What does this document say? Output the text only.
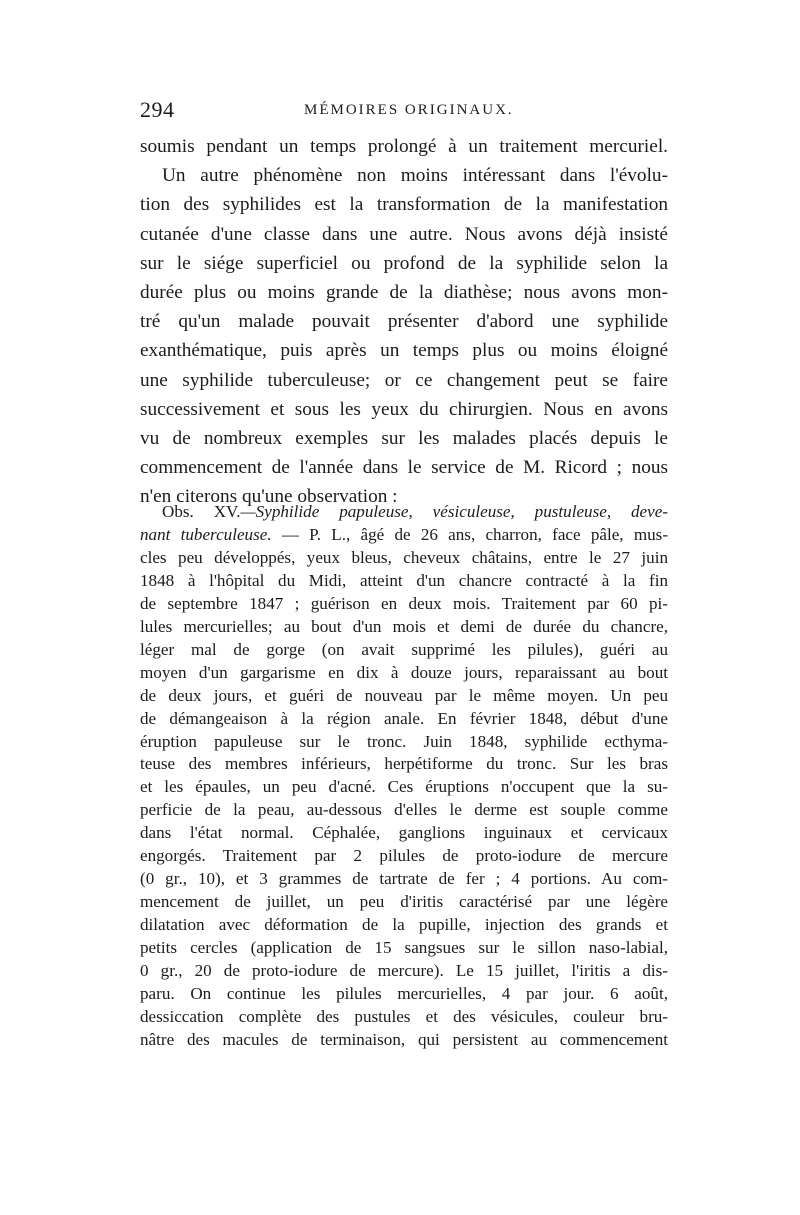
294	MÉMOIRES ORIGINAUX.
soumis pendant un temps prolongé à un traitement mercuriel.
Un autre phénomène non moins intéressant dans l'évolu-
tion des syphilides est la transformation de la manifestation
cutanée d'une classe dans une autre. Nous avons déjà insisté
sur le siége superficiel ou profond de la syphilide selon la
durée plus ou moins grande de la diathèse; nous avons mon-
tré qu'un malade pouvait présenter d'abord une syphilide
exanthématique, puis après un temps plus ou moins éloigné
une syphilide tuberculeuse; or ce changement peut se faire
successivement et sous les yeux du chirurgien. Nous en avons
vu de nombreux exemples sur les malades placés depuis le
commencement de l'année dans le service de M. Ricord ; nous
n'en citerons qu'une observation :
Obs. XV.—Syphilide papuleuse, vésiculeuse, pustuleuse, deve-
nant tuberculeuse. — P. L., âgé de 26 ans, charron, face pâle, mus-
cles peu développés, yeux bleus, cheveux châtains, entre le 27 juin
1848 à l'hôpital du Midi, atteint d'un chancre contracté à la fin
de septembre 1847 ; guérison en deux mois. Traitement par 60 pi-
lules mercurielles; au bout d'un mois et demi de durée du chancre,
léger mal de gorge (on avait supprimé les pilules), guéri au
moyen d'un gargarisme en dix à douze jours, reparaissant au bout
de deux jours, et guéri de nouveau par le même moyen. Un peu
de démangeaison à la région anale. En février 1848, début d'une
éruption papuleuse sur le tronc. Juin 1848, syphilide ecthyma-
teuse des membres inférieurs, herpétiforme du tronc. Sur les bras
et les épaules, un peu d'acné. Ces éruptions n'occupent que la su-
perficie de la peau, au-dessous d'elles le derme est souple comme
dans l'état normal. Céphalée, ganglions inguinaux et cervicaux
engorgés. Traitement par 2 pilules de proto-iodure de mercure
(0 gr., 10), et 3 grammes de tartrate de fer ; 4 portions. Au com-
mencement de juillet, un peu d'iritis caractérisé par une légère
dilatation avec déformation de la pupille, injection des grands et
petits cercles (application de 15 sangsues sur le sillon naso-labial,
0 gr., 20 de proto-iodure de mercure). Le 15 juillet, l'iritis a dis-
paru. On continue les pilules mercurielles, 4 par jour. 6 août,
dessiccation complète des pustules et des vésicules, couleur bru-
nâtre des macules de terminaison, qui persistent au commencement
